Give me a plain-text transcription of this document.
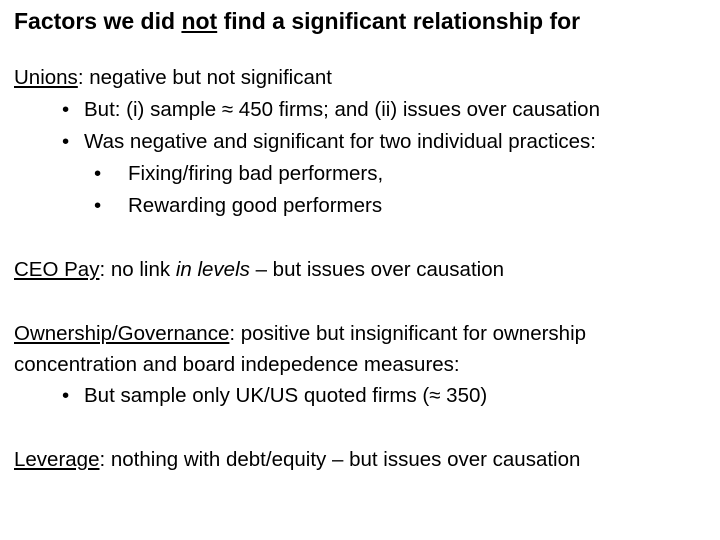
Factors we did not find a significant relationship for
Unions: negative but not significant
• But: (i) sample ≈ 450 firms; and (ii) issues over causation
• Was negative and significant for two individual practices:
• Fixing/firing bad performers,
• Rewarding good performers
CEO Pay: no link in levels – but issues over causation
Ownership/Governance: positive but insignificant for ownership
concentration and board indepedence measures:
• But sample only UK/US quoted firms (≈ 350)
Leverage: nothing with debt/equity – but issues over causation
